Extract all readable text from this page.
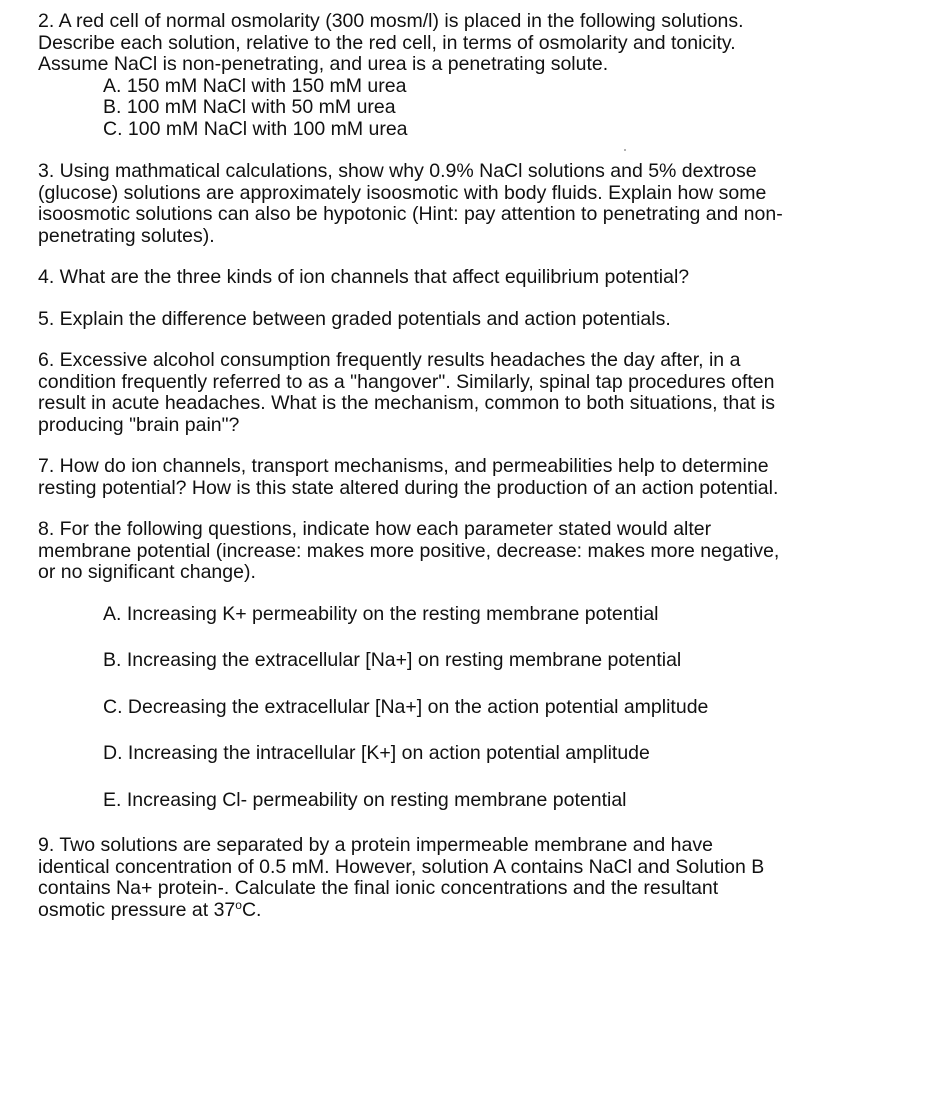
2. A red cell of normal osmolarity (300 mosm/l) is placed in the following solutions.
Describe each solution, relative to the red cell, in terms of osmolarity and tonicity.
Assume NaCl is non-penetrating, and urea is a penetrating solute.
A. 150 mM NaCl with 150 mM urea
B. 100 mM NaCl with 50 mM urea
C. 100 mM NaCl with 100 mM urea
3. Using mathmatical calculations, show why 0.9% NaCl solutions and 5% dextrose
(glucose) solutions are approximately isoosmotic with body fluids. Explain how some
isoosmotic solutions can also be hypotonic (Hint: pay attention to penetrating and non-
penetrating solutes).
4. What are the three kinds of ion channels that affect equilibrium potential?
5. Explain the difference between graded potentials and action potentials.
6. Excessive alcohol consumption frequently results headaches the day after, in a
condition frequently referred to as a "hangover". Similarly, spinal tap procedures often
result in acute headaches. What is the mechanism, common to both situations, that is
producing "brain pain"?
7. How do ion channels, transport mechanisms, and permeabilities help to determine
resting potential? How is this state altered during the production of an action potential.
8. For the following questions, indicate how each parameter stated would alter
membrane potential (increase: makes more positive, decrease: makes more negative,
or no significant change).
A. Increasing K+ permeability on the resting membrane potential
B. Increasing the extracellular [Na+] on resting membrane potential
C. Decreasing the extracellular [Na+] on the action potential amplitude
D. Increasing the intracellular [K+] on action potential amplitude
E. Increasing Cl- permeability on resting membrane potential
9. Two solutions are separated by a protein impermeable membrane and have
identical concentration of 0.5 mM. However, solution A contains NaCl and Solution B
contains Na+ protein-. Calculate the final ionic concentrations and the resultant
osmotic pressure at 37$^o$C.
